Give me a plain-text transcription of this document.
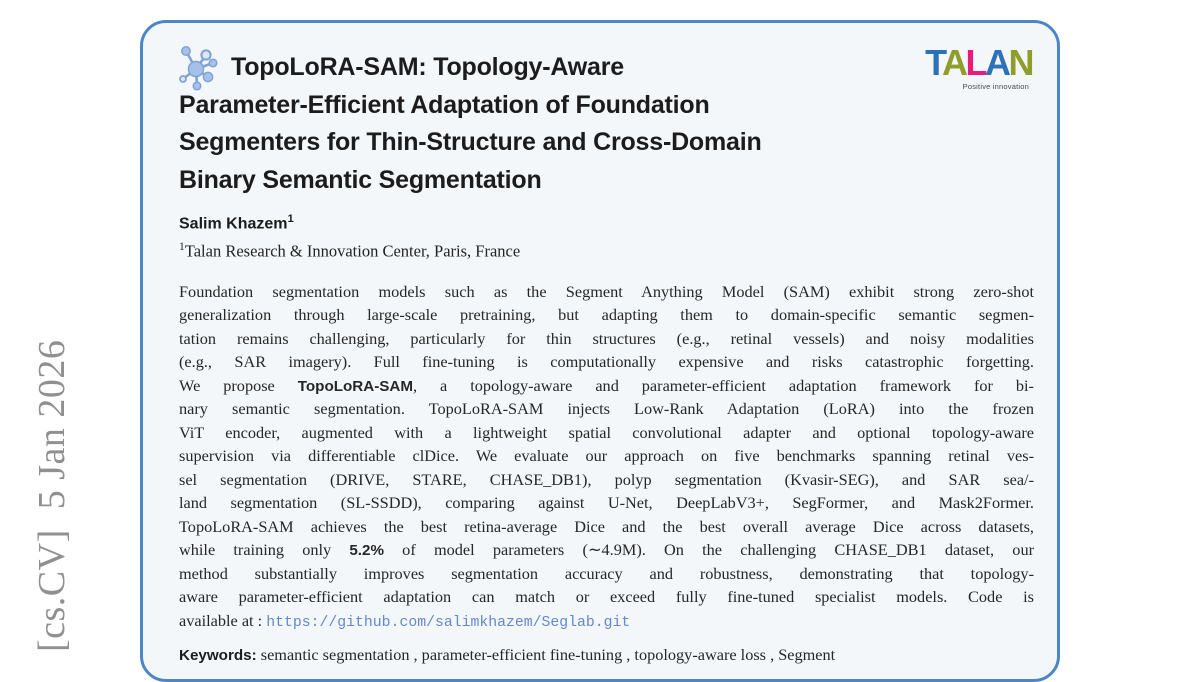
[cs.CV]  5 Jan 2026
TALAN
Positive innovation
TopoLoRA-SAM: Topology-Aware
Parameter-Efficient Adaptation of Foundation
Segmenters for Thin-Structure and Cross-Domain
Binary Semantic Segmentation
Salim Khazem$^1$
$^1$Talan Research & Innovation Center, Paris, France
Foundation segmentation models such as the Segment Anything Model (SAM) exhibit strong zero-shot
generalization through large-scale pretraining, but adapting them to domain-specific semantic segmen-
tation remains challenging, particularly for thin structures (e.g., retinal vessels) and noisy modalities
(e.g., SAR imagery). Full fine-tuning is computationally expensive and risks catastrophic forgetting.
We propose TopoLoRA-SAM, a topology-aware and parameter-efficient adaptation framework for bi-
nary semantic segmentation. TopoLoRA-SAM injects Low-Rank Adaptation (LoRA) into the frozen
ViT encoder, augmented with a lightweight spatial convolutional adapter and optional topology-aware
supervision via differentiable clDice. We evaluate our approach on five benchmarks spanning retinal ves-
sel segmentation (DRIVE, STARE, CHASE_DB1), polyp segmentation (Kvasir-SEG), and SAR sea/-
land segmentation (SL-SSDD), comparing against U-Net, DeepLabV3+, SegFormer, and Mask2Former.
TopoLoRA-SAM achieves the best retina-average Dice and the best overall average Dice across datasets,
while training only 5.2% of model parameters (∼4.9M). On the challenging CHASE_DB1 dataset, our
method substantially improves segmentation accuracy and robustness, demonstrating that topology-
aware parameter-efficient adaptation can match or exceed fully fine-tuned specialist models. Code is
available at : https://github.com/salimkhazem/Seglab.git
Keywords: semantic segmentation , parameter-efficient fine-tuning , topology-aware loss , Segment
